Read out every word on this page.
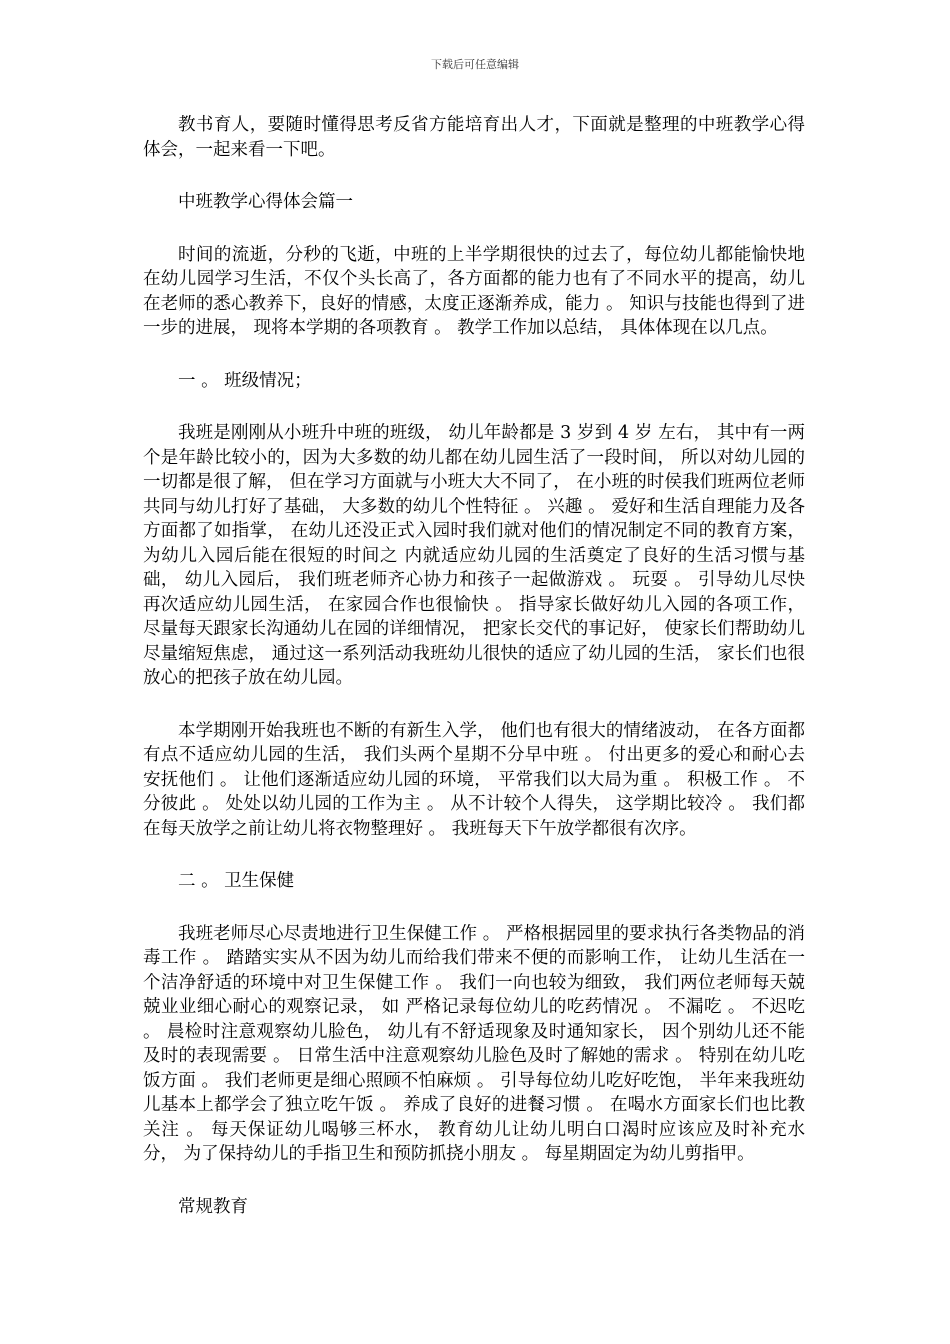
下载后可任意编辑

教书育人，要随时懂得思考反省方能培育出人才，下面就是整理的中班教学心得体会，一起来看一下吧。

中班教学心得体会篇一

时间的流逝，分秒的飞逝，中班的上半学期很快的过去了，每位幼儿都能愉快地在幼儿园学习生活，不仅个头长高了，各方面都的能力也有了不同水平的提高，幼儿在老师的悉心教养下，良好的情感，太度正逐渐养成，能力 。 知识与技能也得到了进一步的进展， 现将本学期的各项教育 。 教学工作加以总结， 具体体现在以几点。

一 。 班级情况；

我班是刚刚从小班升中班的班级， 幼儿年龄都是 3 岁到 4 岁 左右， 其中有一两个是年龄比较小的，因为大多数的幼儿都在幼儿园生活了一段时间， 所以对幼儿园的一切都是很了解， 但在学习方面就与小班大大不同了， 在小班的时侯我们班两位老师共同与幼儿打好了基础， 大多数的幼儿个性特征 。 兴趣 。 爱好和生活自理能力及各方面都了如指掌， 在幼儿还没正式入园时我们就对他们的情况制定不同的教育方案， 为幼儿入园后能在很短的时间之 内就适应幼儿园的生活奠定了良好的生活习惯与基础， 幼儿入园后， 我们班老师齐心协力和孩子一起做游戏 。 玩耍 。 引导幼儿尽快再次适应幼儿园生活， 在家园合作也很愉快 。 指导家长做好幼儿入园的各项工作， 尽量每天跟家长沟通幼儿在园的详细情况， 把家长交代的事记好， 使家长们帮助幼儿尽量缩短焦虑， 通过这一系列活动我班幼儿很快的适应了幼儿园的生活， 家长们也很放心的把孩子放在幼儿园。

本学期刚开始我班也不断的有新生入学， 他们也有很大的情绪波动， 在各方面都有点不适应幼儿园的生活， 我们头两个星期不分早中班 。 付出更多的爱心和耐心去安抚他们 。 让他们逐渐适应幼儿园的环境， 平常我们以大局为重 。 积极工作 。 不分彼此 。 处处以幼儿园的工作为主 。 从不计较个人得失， 这学期比较冷 。 我们都在每天放学之前让幼儿将衣物整理好 。 我班每天下午放学都很有次序。

二 。 卫生保健

我班老师尽心尽责地进行卫生保健工作 。 严格根据园里的要求执行各类物品的消毒工作 。 踏踏实实从不因为幼儿而给我们带来不便的而影响工作， 让幼儿生活在一个洁净舒适的环境中对卫生保健工作 。 我们一向也较为细致， 我们两位老师每天兢兢业业细心耐心的观察记录， 如 严格记录每位幼儿的吃药情况 。 不漏吃 。 不迟吃 。 晨检时注意观察幼儿脸色， 幼儿有不舒适现象及时通知家长， 因个别幼儿还不能及时的表现需要 。 日常生活中注意观察幼儿脸色及时了解她的需求 。 特别在幼儿吃饭方面 。 我们老师更是细心照顾不怕麻烦 。 引导每位幼儿吃好吃饱， 半年来我班幼儿基本上都学会了独立吃午饭 。 养成了良好的进餐习惯 。 在喝水方面家长们也比教关注 。 每天保证幼儿喝够三杯水， 教育幼儿让幼儿明白口渴时应该应及时补充水分， 为了保持幼儿的手指卫生和预防抓挠小朋友 。 每星期固定为幼儿剪指甲。

常规教育
